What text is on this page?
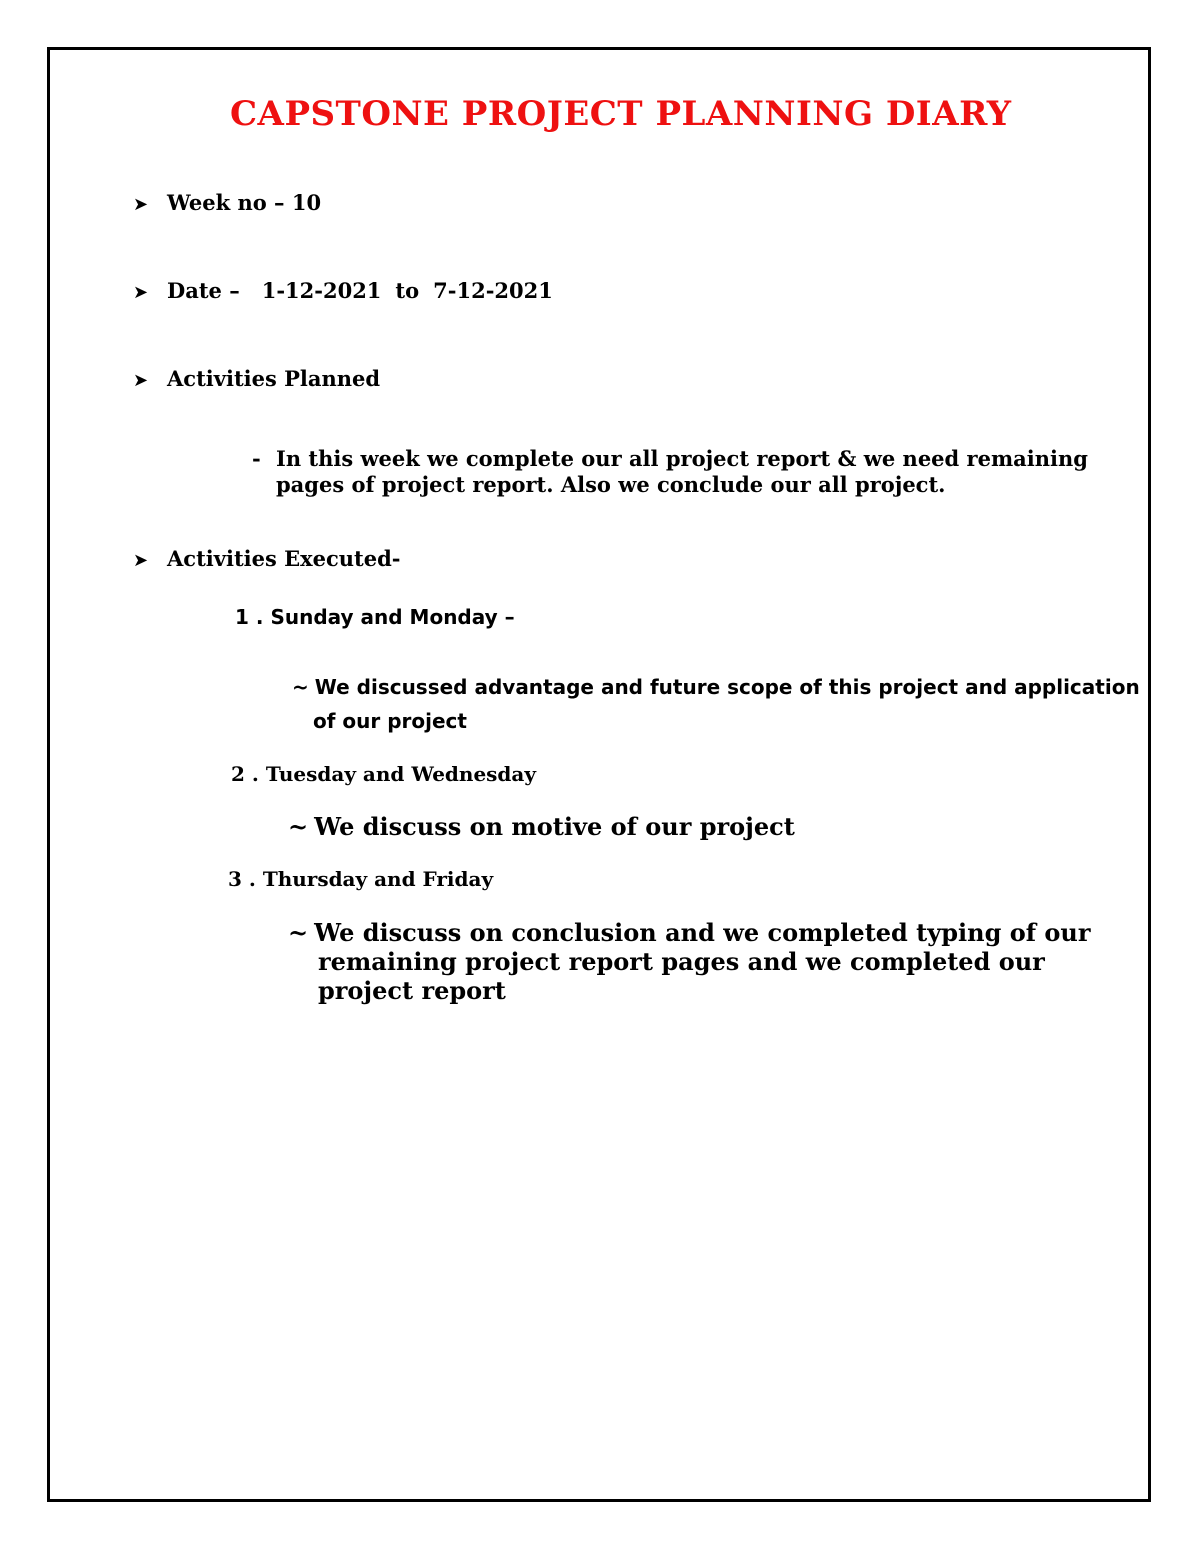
CAPSTONE PROJECT PLANNING DIARY
➤ Week no – 10
➤ Date – 1-12-2021 to 7-12-2021
➤ Activities Planned
- In this week we complete our all project report & we need remaining
pages of project report. Also we conclude our all project.
➤ Activities Executed-
1 . Sunday and Monday –
~ We discussed advantage and future scope of this project and application
of our project
2 . Tuesday and Wednesday
~ We discuss on motive of our project
3 . Thursday and Friday
~ We discuss on conclusion and we completed typing of our
remaining project report pages and we completed our
project report
